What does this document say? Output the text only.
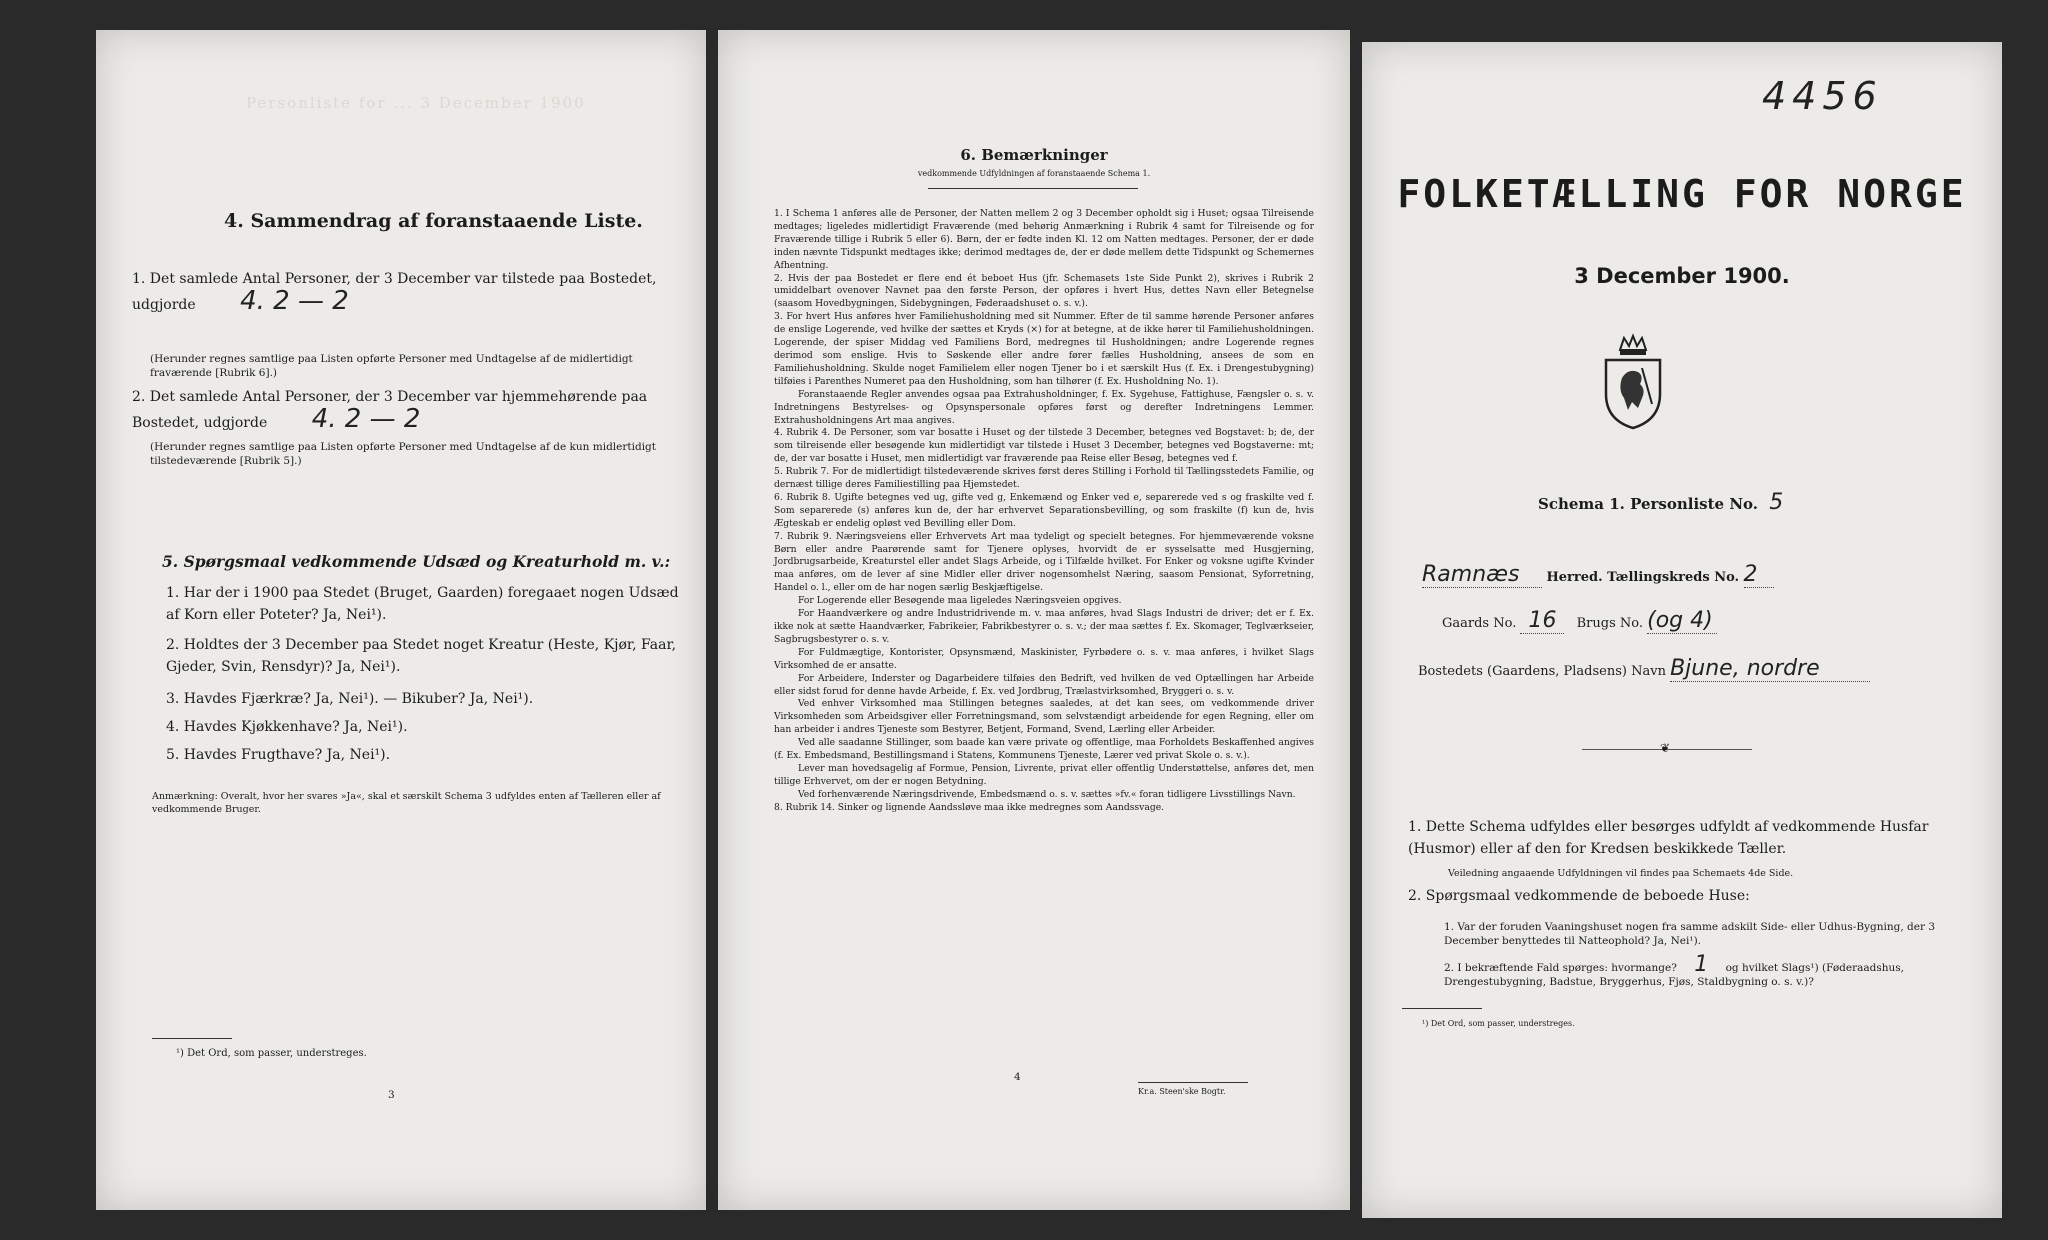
Personliste for ... 3 December 1900
4. Sammendrag af foranstaaende Liste.
1. Det samlede Antal Personer, der 3 December var tilstede paa Bostedet, udgjorde 4. 2 — 2
(Herunder regnes samtlige paa Listen opførte Personer med Undtagelse af de midlertidigt fraværende [Rubrik 6].)
2. Det samlede Antal Personer, der 3 December var hjemmehørende paa Bostedet, udgjorde 4. 2 — 2
(Herunder regnes samtlige paa Listen opførte Personer med Undtagelse af de kun midlertidigt tilstedeværende [Rubrik 5].)
5. Spørgsmaal vedkommende Udsæd og Kreaturhold m. v.:
1. Har der i 1900 paa Stedet (Bruget, Gaarden) foregaaet nogen Udsæd af Korn eller Poteter? Ja, Nei¹).
2. Holdtes der 3 December paa Stedet noget Kreatur (Heste, Kjør, Faar, Gjeder, Svin, Rensdyr)? Ja, Nei¹).
3. Havdes Fjærkræ? Ja, Nei¹). — Bikuber? Ja, Nei¹).
4. Havdes Kjøkkenhave? Ja, Nei¹).
5. Havdes Frugthave? Ja, Nei¹).
Anmærkning: Overalt, hvor her svares »Ja«, skal et særskilt Schema 3 udfyldes enten af Tælleren eller af vedkommende Bruger.
¹) Det Ord, som passer, understreges.
3
6. Bemærkninger
vedkommende Udfyldningen af foranstaaende Schema 1.

1. I Schema 1 anføres alle de Personer, der Natten mellem 2 og 3 December opholdt sig i Huset; ogsaa Tilreisende medtages; ligeledes midlertidigt Fraværende (med behørig Anmærkning i Rubrik 4 samt for Tilreisende og for Fraværende tillige i Rubrik 5 eller 6). Børn, der er fødte inden Kl. 12 om Natten medtages. Personer, der er døde inden nævnte Tidspunkt medtages ikke; derimod medtages de, der er døde mellem dette Tidspunkt og Schemernes Afhentning.

2. Hvis der paa Bostedet er flere end ét beboet Hus (jfr. Schemasets 1ste Side Punkt 2), skrives i Rubrik 2 umiddelbart ovenover Navnet paa den første Person, der opføres i hvert Hus, dettes Navn eller Betegnelse (saasom Hovedbygningen, Sidebygningen, Føderaadshuset o. s. v.).

3. For hvert Hus anføres hver Familiehusholdning med sit Nummer. Efter de til samme hørende Personer anføres de enslige Logerende, ved hvilke der sættes et Kryds (×) for at betegne, at de ikke hører til Familiehusholdningen. Logerende, der spiser Middag ved Familiens Bord, medregnes til Husholdningen; andre Logerende regnes derimod som enslige. Hvis to Søskende eller andre fører fælles Husholdning, ansees de som en Familiehusholdning. Skulde noget Familielem eller nogen Tjener bo i et særskilt Hus (f. Ex. i Drengestubygning) tilføies i Parenthes Numeret paa den Husholdning, som han tilhører (f. Ex. Husholdning No. 1).

Foranstaaende Regler anvendes ogsaa paa Extrahusholdninger, f. Ex. Sygehuse, Fattighuse, Fængsler o. s. v. Indretningens Bestyrelses- og Opsynspersonale opføres først og derefter Indretningens Lemmer. Extrahusholdningens Art maa angives.

4. Rubrik 4. De Personer, som var bosatte i Huset og der tilstede 3 December, betegnes ved Bogstavet: b; de, der som tilreisende eller besøgende kun midlertidigt var tilstede i Huset 3 December, betegnes ved Bogstaverne: mt; de, der var bosatte i Huset, men midlertidigt var fraværende paa Reise eller Besøg, betegnes ved f.

5. Rubrik 7. For de midlertidigt tilstedeværende skrives først deres Stilling i Forhold til Tællingsstedets Familie, og dernæst tillige deres Familiestilling paa Hjemstedet.

6. Rubrik 8. Ugifte betegnes ved ug, gifte ved g, Enkemænd og Enker ved e, separerede ved s og fraskilte ved f. Som separerede (s) anføres kun de, der har erhvervet Separationsbevilling, og som fraskilte (f) kun de, hvis Ægteskab er endelig opløst ved Bevilling eller Dom.

7. Rubrik 9. Næringsveiens eller Erhvervets Art maa tydeligt og specielt betegnes. For hjemmeværende voksne Børn eller andre Paarørende samt for Tjenere oplyses, hvorvidt de er sysselsatte med Husgjerning, Jordbrugsarbeide, Kreaturstel eller andet Slags Arbeide, og i Tilfælde hvilket. For Enker og voksne ugifte Kvinder maa anføres, om de lever af sine Midler eller driver nogensomhelst Næring, saasom Pensionat, Syforretning, Handel o. l., eller om de har nogen særlig Beskjæftigelse.

For Logerende eller Besøgende maa ligeledes Næringsveien opgives.

For Haandværkere og andre Industridrivende m. v. maa anføres, hvad Slags Industri de driver; det er f. Ex. ikke nok at sætte Haandværker, Fabrikeier, Fabrikbestyrer o. s. v.; der maa sættes f. Ex. Skomager, Teglværkseier, Sagbrugsbestyrer o. s. v.

For Fuldmægtige, Kontorister, Opsynsmænd, Maskinister, Fyrbødere o. s. v. maa anføres, i hvilket Slags Virksomhed de er ansatte.

For Arbeidere, Inderster og Dagarbeidere tilføies den Bedrift, ved hvilken de ved Optællingen har Arbeide eller sidst forud for denne havde Arbeide, f. Ex. ved Jordbrug, Trælastvirksomhed, Bryggeri o. s. v.

Ved enhver Virksomhed maa Stillingen betegnes saaledes, at det kan sees, om vedkommende driver Virksomheden som Arbeidsgiver eller Forretningsmand, som selvstændigt arbeidende for egen Regning, eller om han arbeider i andres Tjeneste som Bestyrer, Betjent, Formand, Svend, Lærling eller Arbeider.

Ved alle saadanne Stillinger, som baade kan være private og offentlige, maa Forholdets Beskaffenhed angives (f. Ex. Embedsmand, Bestillingsmand i Statens, Kommunens Tjeneste, Lærer ved privat Skole o. s. v.).

Lever man hovedsagelig af Formue, Pension, Livrente, privat eller offentlig Understøttelse, anføres det, men tillige Erhvervet, om der er nogen Betydning.

Ved forhenværende Næringsdrivende, Embedsmænd o. s. v. sættes »fv.« foran tidligere Livsstillings Navn.

8. Rubrik 14. Sinker og lignende Aandssløve maa ikke medregnes som Aandssvage.

4
Kr.a. Steen'ske Bogtr.
4456
FOLKETÆLLING FOR NORGE
3 December 1900.
Schema 1. Personliste No. 5
Ramnæs Herred. Tællingskreds No. 2
Gaards No. 16 Brugs No. (og 4)
Bostedets (Gaardens, Pladsens) Navn Bjune, nordre
❦
1. Dette Schema udfyldes eller besørges udfyldt af vedkommende Husfar (Husmor) eller af den for Kredsen beskikkede Tæller.
Veiledning angaaende Udfyldningen vil findes paa Schemaets 4de Side.
2. Spørgsmaal vedkommende de beboede Huse:
1. Var der foruden Vaaningshuset nogen fra samme adskilt Side- eller Udhus-Bygning, der 3 December benyttedes til Natteophold? Ja, Nei¹).
2. I bekræftende Fald spørges: hvormange? 1 og hvilket Slags¹) (Føderaadshus, Drengestubygning, Badstue, Bryggerhus, Fjøs, Staldbygning o. s. v.)?
¹) Det Ord, som passer, understreges.
